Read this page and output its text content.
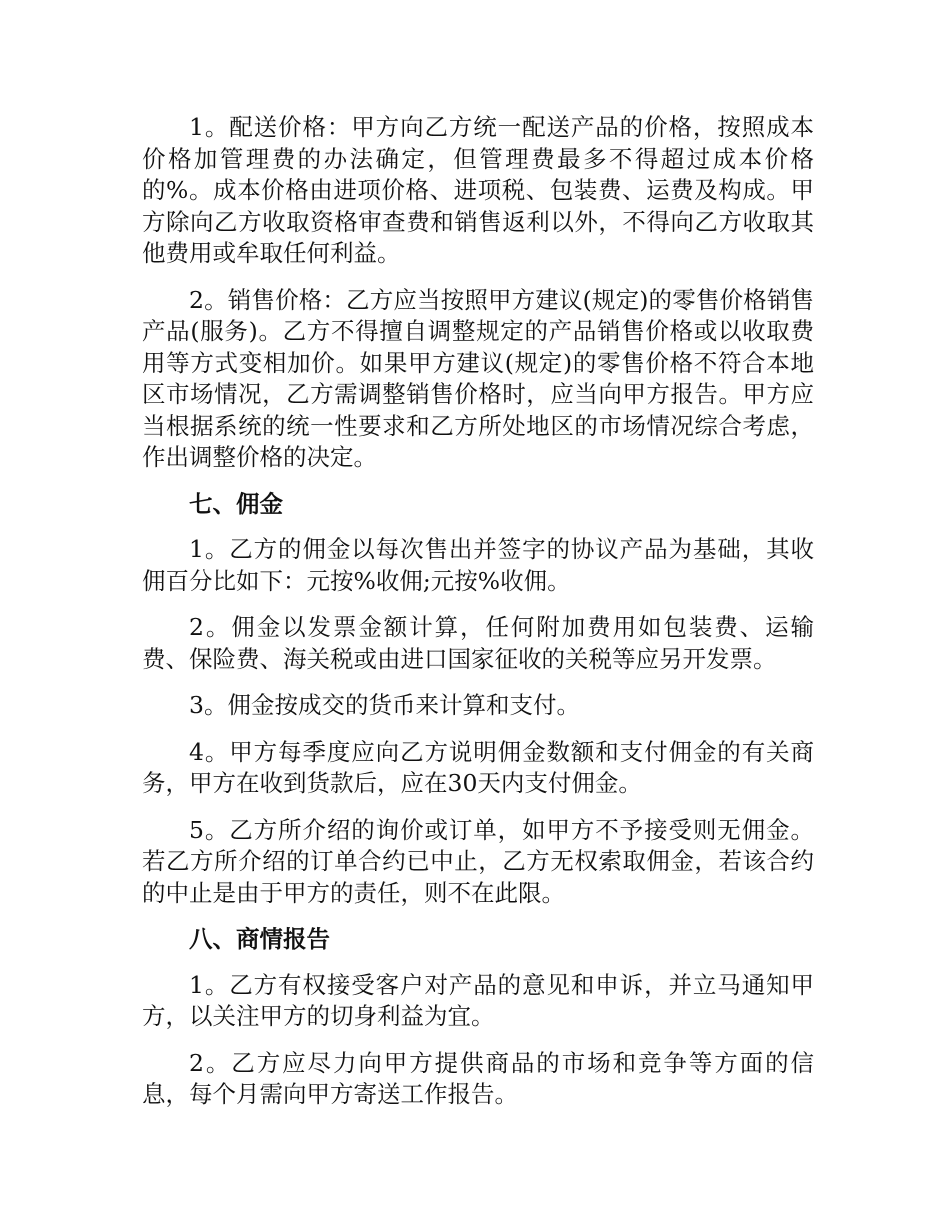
1。配送价格：甲方向乙方统一配送产品的价格，按照成本价格加管理费的办法确定，但管理费最多不得超过成本价格的%。成本价格由进项价格、进项税、包装费、运费及构成。甲方除向乙方收取资格审查费和销售返利以外，不得向乙方收取其他费用或牟取任何利益。

2。销售价格：乙方应当按照甲方建议(规定)的零售价格销售产品(服务)。乙方不得擅自调整规定的产品销售价格或以收取费用等方式变相加价。如果甲方建议(规定)的零售价格不符合本地区市场情况，乙方需调整销售价格时，应当向甲方报告。甲方应当根据系统的统一性要求和乙方所处地区的市场情况综合考虑，作出调整价格的决定。

七、佣金

1。乙方的佣金以每次售出并签字的协议产品为基础，其收佣百分比如下：元按%收佣;元按%收佣。

2。佣金以发票金额计算，任何附加费用如包装费、运输费、保险费、海关税或由进口国家征收的关税等应另开发票。

3。佣金按成交的货币来计算和支付。

4。甲方每季度应向乙方说明佣金数额和支付佣金的有关商务，甲方在收到货款后，应在30天内支付佣金。

5。乙方所介绍的询价或订单，如甲方不予接受则无佣金。若乙方所介绍的订单合约已中止，乙方无权索取佣金，若该合约的中止是由于甲方的责任，则不在此限。

八、商情报告

1。乙方有权接受客户对产品的意见和申诉，并立马通知甲方，以关注甲方的切身利益为宜。

2。乙方应尽力向甲方提供商品的市场和竞争等方面的信息，每个月需向甲方寄送工作报告。
